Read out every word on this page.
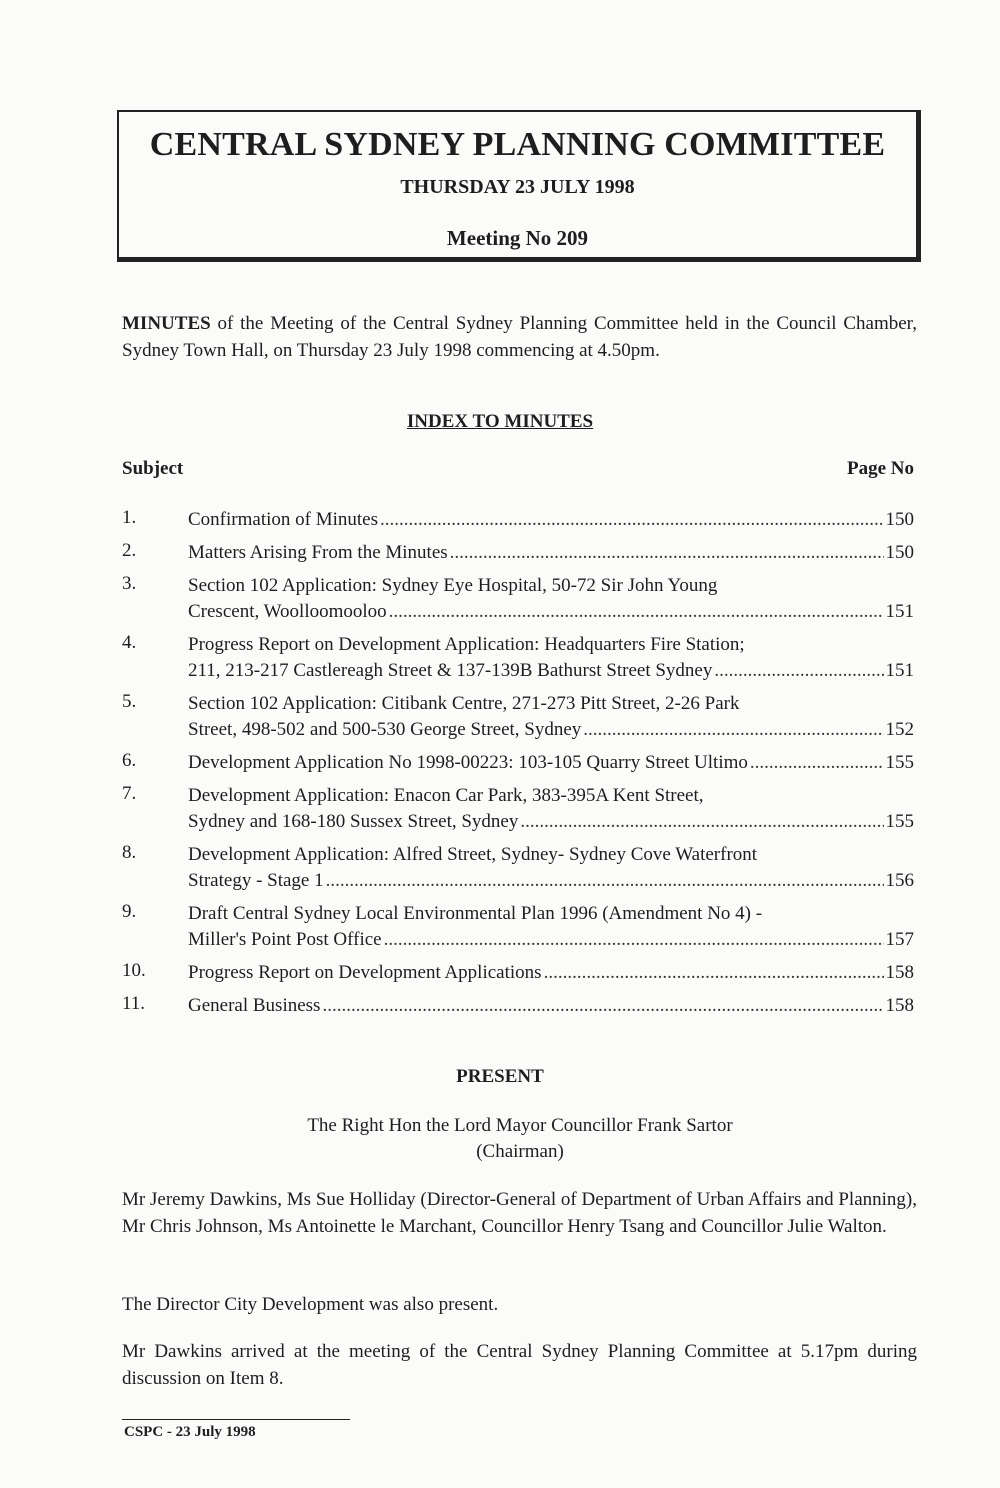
CENTRAL SYDNEY PLANNING COMMITTEE
THURSDAY 23 JULY 1998
Meeting No 209
MINUTES of the Meeting of the Central Sydney Planning Committee held in the Council Chamber, Sydney Town Hall, on Thursday 23 July 1998 commencing at 4.50pm.
INDEX TO MINUTES
Subject	Page No
1.	Confirmation of Minutes .....	150
2.	Matters Arising From the Minutes .....	150
3.	Section 102 Application: Sydney Eye Hospital, 50-72 Sir John Young
Crescent, Woolloomooloo .....	151
4.	Progress Report on Development Application: Headquarters Fire Station;
211, 213-217 Castlereagh Street & 137-139B Bathurst Street Sydney .....	151
5.	Section 102 Application: Citibank Centre, 271-273 Pitt Street, 2-26 Park
Street, 498-502 and 500-530 George Street, Sydney .....	152
6.	Development Application No 1998-00223: 103-105 Quarry Street Ultimo .....	155
7.	Development Application: Enacon Car Park, 383-395A Kent Street,
Sydney and 168-180 Sussex Street, Sydney .....	155
8.	Development Application: Alfred Street, Sydney- Sydney Cove Waterfront
Strategy - Stage 1 .....	156
9.	Draft Central Sydney Local Environmental Plan 1996 (Amendment No 4) -
Miller's Point Post Office .....	157
10.	Progress Report on Development Applications .....	158
11.	General Business .....	158
PRESENT
The Right Hon the Lord Mayor Councillor Frank Sartor
(Chairman)
Mr Jeremy Dawkins, Ms Sue Holliday (Director-General of Department of Urban Affairs and Planning), Mr Chris Johnson, Ms Antoinette le Marchant, Councillor Henry Tsang and Councillor Julie Walton.
The Director City Development was also present.
Mr Dawkins arrived at the meeting of the Central Sydney Planning Committee at 5.17pm during discussion on Item 8.
CSPC - 23 July 1998
